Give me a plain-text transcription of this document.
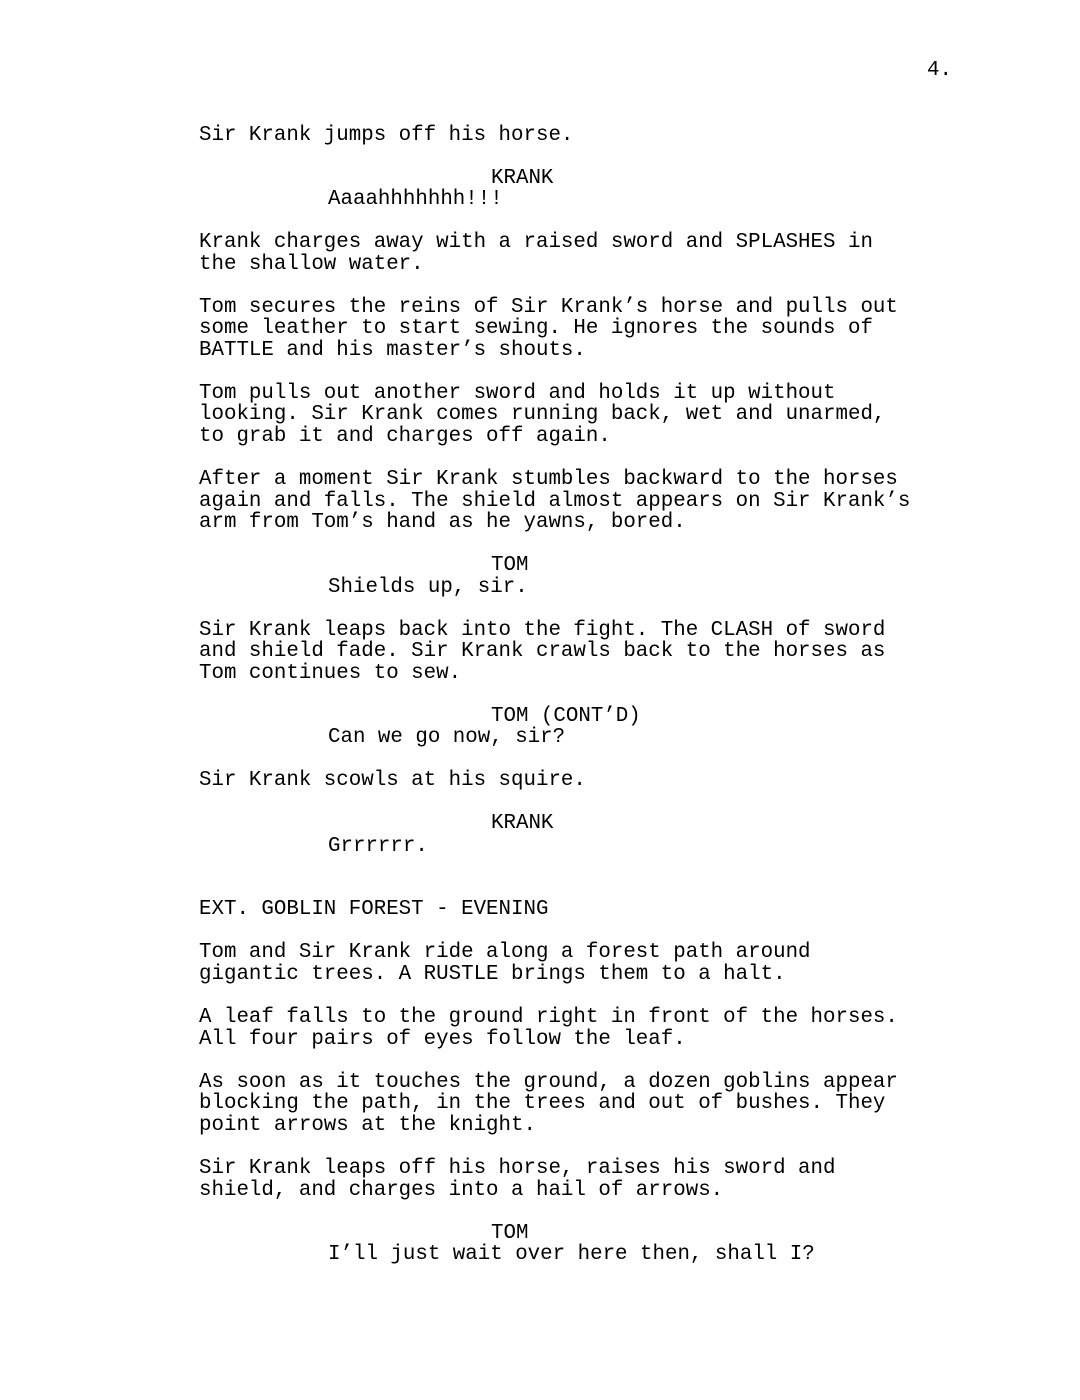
4.
Sir Krank jumps off his horse.
KRANK
Aaaahhhhhhh!!!
Krank charges away with a raised sword and SPLASHES in
the shallow water.
Tom secures the reins of Sir Krank’s horse and pulls out
some leather to start sewing. He ignores the sounds of
BATTLE and his master’s shouts.
Tom pulls out another sword and holds it up without
looking. Sir Krank comes running back, wet and unarmed,
to grab it and charges off again.
After a moment Sir Krank stumbles backward to the horses
again and falls. The shield almost appears on Sir Krank’s
arm from Tom’s hand as he yawns, bored.
TOM
Shields up, sir.
Sir Krank leaps back into the fight. The CLASH of sword
and shield fade. Sir Krank crawls back to the horses as
Tom continues to sew.
TOM (CONT’D)
Can we go now, sir?
Sir Krank scowls at his squire.
KRANK
Grrrrrr.
EXT. GOBLIN FOREST - EVENING
Tom and Sir Krank ride along a forest path around
gigantic trees. A RUSTLE brings them to a halt.
A leaf falls to the ground right in front of the horses.
All four pairs of eyes follow the leaf.
As soon as it touches the ground, a dozen goblins appear
blocking the path, in the trees and out of bushes. They
point arrows at the knight.
Sir Krank leaps off his horse, raises his sword and
shield, and charges into a hail of arrows.
TOM
I’ll just wait over here then, shall I?
